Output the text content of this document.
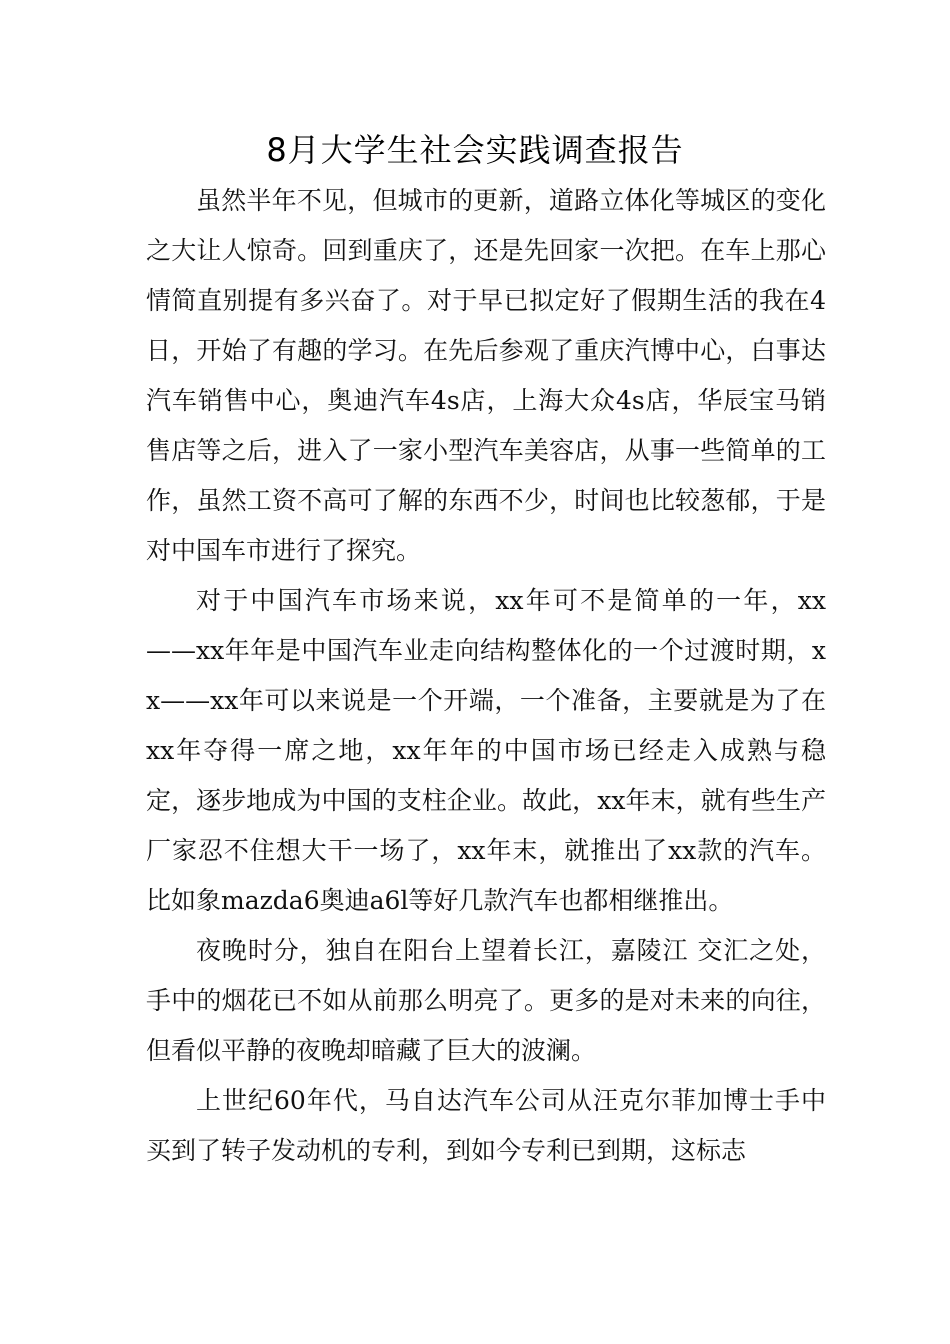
8月大学生社会实践调查报告

虽然半年不见，但城市的更新，道路立体化等城区的变化之大让人惊奇。回到重庆了，还是先回家一次把。在车上那心情简直别提有多兴奋了。对于早已拟定好了假期生活的我在4日，开始了有趣的学习。在先后参观了重庆汽博中心，白事达汽车销售中心，奥迪汽车4s店，上海大众4s店，华辰宝马销售店等之后，进入了一家小型汽车美容店，从事一些简单的工作，虽然工资不高可了解的东西不少，时间也比较葱郁，于是对中国车市进行了探究。

对于中国汽车市场来说，xx年可不是简单的一年，xx——xx年年是中国汽车业走向结构整体化的一个过渡时期，xx——xx年可以来说是一个开端，一个准备，主要就是为了在xx年夺得一席之地，xx年年的中国市场已经走入成熟与稳定，逐步地成为中国的支柱企业。故此，xx年末，就有些生产厂家忍不住想大干一场了，xx年末，就推出了xx款的汽车。比如象mazda6奥迪a6l等好几款汽车也都相继推出。

夜晚时分，独自在阳台上望着长江，嘉陵江 交汇之处，手中的烟花已不如从前那么明亮了。更多的是对未来的向往，但看似平静的夜晚却暗藏了巨大的波澜。

上世纪60年代，马自达汽车公司从汪克尔菲加博士手中买到了转子发动机的专利，到如今专利已到期，这标志
